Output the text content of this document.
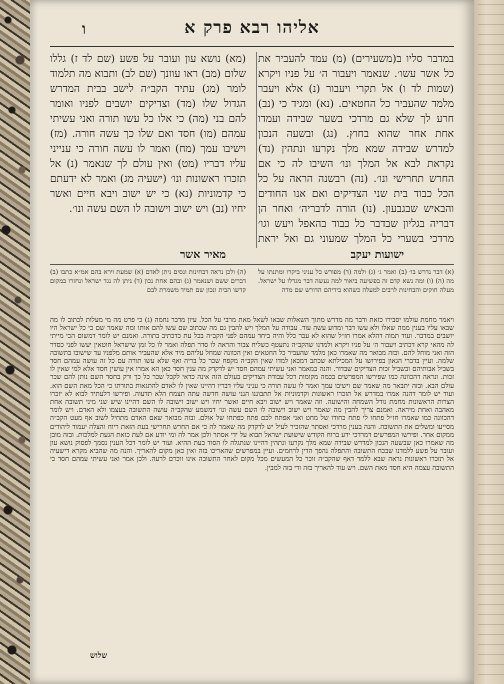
אליהו רבא פרק א
ו
במדבר סליו ב(משעירים) (מ) עמד להעביר את כל אשר עשו׳. שנאמר ויעבור ה׳ על פניו ויקרא (שמות לד ו) אל תקרי ויעבור (נ) אלא ויעבר מלמד שהעביר כל החטאים. (נא) ומגיד כי (נב) חרע לך שלא גם מרדכי בשער שבידה ועמדו אחת אחר שהוא בחוץ. (נג) ובשעה הנכון למדרש שבידה שמא מלך נקרעו ונתהין (נד) נקראת לבא אל המלך ונו׳ השיבו לה כי אם החרש תחרישי ונו׳. (נה) רבשנה הראה על כל הכל כבוד בית שני הצדיקים ואם אנו החודים והבאיש שבגבעון. (נו) הורה לדבריה׳ ואחר הן דבריה בגליון שבדבר כל כבוד בהאפל ויעש וגו׳ מרדכי בשערי כל המלך שמעוני גם ואל יראת
(מא) נושא עון ועובר על פשע (שם לד ז) גללו שלום (מב) ראו עוונך (שם לב) ותבוא מה תלמוד לומר (מג) עתיד הקב״ה לישב בבית המדרש הגדול שלו (מד) וצדיקים יושבים לפניו ואומר להם בני (מה) כי אלו כל עשו תורה ואני עשיתי עמהם (מו) חסד ואם שלו כך עשה חורה. (מז) וישיבו עמך (מח) ואמר לו עשה חורה כי ענייני עליו דבריו (מט) ואין עולם לך שנאמר (נ) אל תזכרו ראשונות ונו׳ (ישעיה מג) ואמר לא ידעתם כי קדמוניות (נא) כי יש ישוב ויבא חיים ואשר יחיו (נב) ויש ישוב וישובה לו השם עשה ונו׳.
ישועות יעקב
מאיר אשר
(א) דבר נדרש בו׳ (ב) ואמר ג׳ (ג) ולמה (ד) מפורש כל עניני ביקרו ומתנתו על מה (ה) (ו) ומה נשא קדם זה בפשיעה ביאור למה נעשה דבר מגדלו על ישראל. מעלה חוקים והבחינות לרבים למעלה כשהוא בידיהם הדורש שם מדה
(ה) ולכן נראה דבחינות ונסים ניתן לאדם (א) שמעת וירא בהם אמ״א כתבו (ב) דברים ששם ושנאמר (ג) ובהם אחת נכון (ד) ניתן לה נגד ישראל ונחזרו במקום קדשו הבית ונכון שם תמיד משמרת לבם
ויאמר מחמת עולמו יסבירו כזאת ודבר מה מדרש מתוך השאלות שבאו לשאל מאת מרבי על הכל. עיון מדבר נחמה (ג) כי פרט מה מי מעלות לכתוב לו מה שבאו עליו בענין ממה שאלו ולא עשו דבר ומדוע עשה עוד. עבודה על המלך ויש להבין גם מה שכתוב שם עשו להם אותו ומה שאמר שם כי כל ישראל היו יושבים במדבר. ועוד תמוה דהלא אמרו חז״ל שהוא לא עבר כלל והיה ביחד עמהם לפני הקב״ה בכל עת כדכתיב בתורה. ואמנם יש לומר דמשום הכי מייתי לה מהאי קרא דכתיב ויעבור ה׳ על פניו ויקרא ולמדנו שהקב״ה נתעטף כשליח צבור והראה לו סדר תפלה ואמר לו כל זמן שישראל חוטאין יעשו לפני כסדר הזה ואני מוחל להם. ובזה מבואר מה שאמרו כאן מלמד שהעביר כל החטאים ואין הכוונה שמחל עליהם מיד אלא שהעביר אותם מלפניו עד שישובו בתשובה שלמה. ועיין בדברי הגאון בפירושו על המכילתא שכתב דמכאן למדו שאין הקב״ה מקפח שכר כל בריה ואף שלא עשו תורה עם כל זה עושה עמהם חסד בשביל אבותיהם ובשביל זכות הצדיקים שבדור. והנה במאמר ואני עשיתי עמהם חסד יש לדקדק מה ענין חסד כאן הא אמרו אין עושין חסד אלא למי שאין לו זכות. ונראה דהכוונה כמו שפירשו המפרשים בכמה מקומות דכל עבודת הצדיקים בעולם הזה אינה כדאי לקבל שכר כל כך ורק בחסד השם נותן להם שכר עולם הבא. ובזה יתבאר מה שאמר שם וישיבו עמך ואמר לו עשה תורה כי עניני עליו דבריו דהיינו שאין לו לאדם להתגאות בתורתו כי הכל מאת השם הוא. ועוד יש לומר דהנה אמרו במדרש אל תזכרו ראשונות וקדמוניות אל תתבוננו הנני עושה חדשה עתה תצמח הלא תדעוה. ופירשו דלעתיד לבוא לא יזכרו הצרות הראשונות מחמת גודל השמחה והישועה. וזה שאמר ויש ישוב ויבא חיים ואשר יחיו ויש ישוב וישובה לו השם דהיינו שיש שני מיני תשובה אחת מאהבה ואחת מיראה. ואמנם צריך להבין מה שאמר ויש ישוב וישובה לו השם עשה ונו׳ דמשמע שהקב״ה עושה התשובה בעצמו ולא האדם. ויש לומר דהכוונה כמו שאמרו חז״ל פתחו לי פתח כחודו של מחט ואני אפתח לכם פתח כפתחו של אולם. ובזה מבואר שאם האדם מתחיל לשוב אף מעט הקב״ה מסייעו ומשלים את התשובה. והנה בענין מרדכי ואסתר שהזכיר לעיל יש לדקדק מה שאמר לה כי אם החרש תחרישי בעת הזאת ריוח והצלה יעמוד ליהודים ממקום אחר. ופירשו המפרשים דמרדכי ידע ברוח הקודש שישועת ישראל תבוא על ידי אסתר ולכן אמר לה ומי יודע אם לעת כזאת הגעת למלכות. ובזה מובן מה שאמרו כאן שבשעה הנכון למדרש שבידה שמא מלך נקרעו ונתהין דהיינו שנתגלה לו הסוד בעת ההיא. ועוד יש לומר דכל הענין נסמך לפסוק נושא עון ועובר על פשע ללמדנו שבכח התשובה והתפלה נהפך הדין לרחמים. ועיין במפרשים שהאריכו בזה ואין כאן מקום להאריך. והנה מה שהביא מקרא דישעיה אל תזכרו ראשונות נראה שבא ללמד דאף שהקב״ה זוכר כל המעשים מכל מקום לאחר התשובה אינו זוכרם לרעה. ולכן אמר ואני עשיתי עמהם חסד כי התשובה עצמה היא חסד מאת השם. ויש עוד להאריך בזה ודי בזה למבין.
שלוש
